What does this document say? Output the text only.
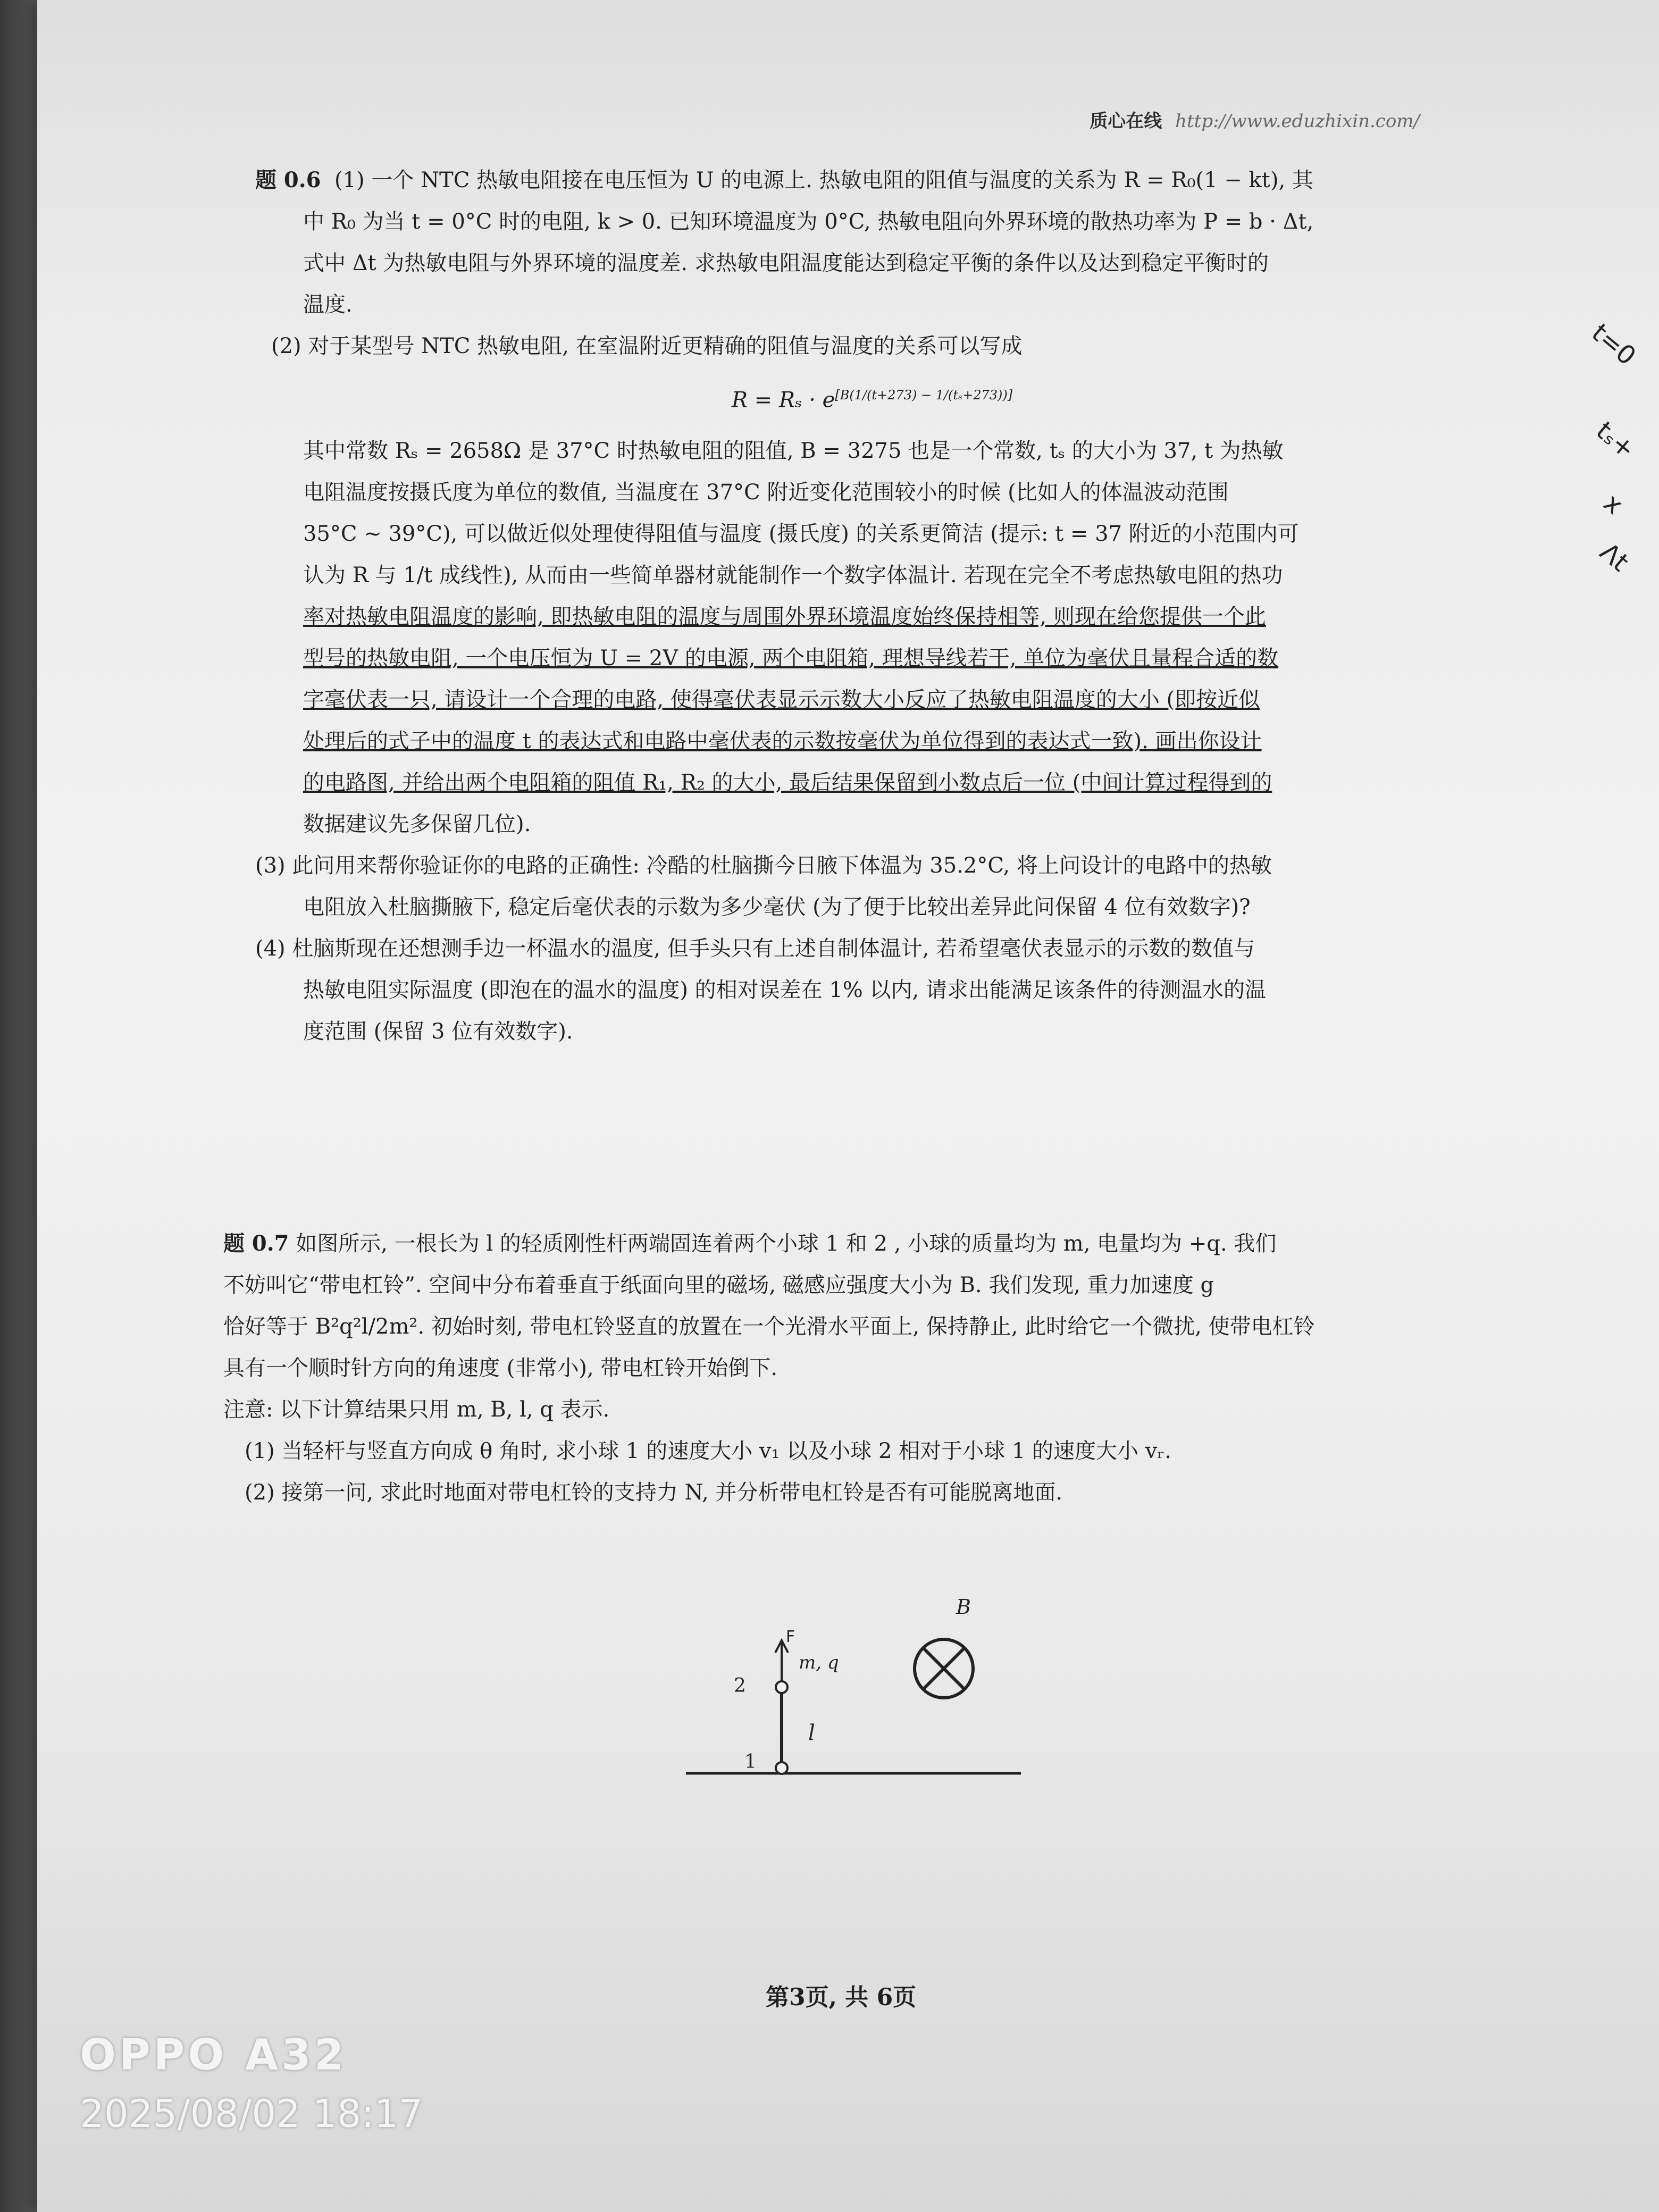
t=0
tₛ+
x
Λt
质心在线 http://www.eduzhixin.com/

题 0.6 (1) 一个 NTC 热敏电阻接在电压恒为 U 的电源上. 热敏电阻的阻值与温度的关系为 R = R₀(1 − kt), 其

中 R₀ 为当 t = 0°C 时的电阻, k > 0. 已知环境温度为 0°C, 热敏电阻向外界环境的散热功率为 P = b · Δt,

式中 Δt 为热敏电阻与外界环境的温度差. 求热敏电阻温度能达到稳定平衡的条件以及达到稳定平衡时的

温度.

(2) 对于某型号 NTC 热敏电阻, 在室温附近更精确的阻值与温度的关系可以写成

R = Rₛ · e[B(1/(t+273) − 1/(tₛ+273))]

其中常数 Rₛ = 2658Ω 是 37°C 时热敏电阻的阻值, B = 3275 也是一个常数, tₛ 的大小为 37, t 为热敏

电阻温度按摄氏度为单位的数值, 当温度在 37°C 附近变化范围较小的时候 (比如人的体温波动范围

35°C ~ 39°C), 可以做近似处理使得阻值与温度 (摄氏度) 的关系更简洁 (提示: t = 37 附近的小范围内可

认为 R 与 1/t 成线性), 从而由一些简单器材就能制作一个数字体温计. 若现在完全不考虑热敏电阻的热功

率对热敏电阻温度的影响, 即热敏电阻的温度与周围外界环境温度始终保持相等, 则现在给您提供一个此

型号的热敏电阻, 一个电压恒为 U = 2V 的电源, 两个电阻箱, 理想导线若干, 单位为毫伏且量程合适的数

字毫伏表一只, 请设计一个合理的电路, 使得毫伏表显示示数大小反应了热敏电阻温度的大小 (即按近似

处理后的式子中的温度 t 的表达式和电路中毫伏表的示数按毫伏为单位得到的表达式一致). 画出你设计

的电路图, 并给出两个电阻箱的阻值 R₁, R₂ 的大小, 最后结果保留到小数点后一位 (中间计算过程得到的

数据建议先多保留几位).

(3) 此问用来帮你验证你的电路的正确性: 冷酷的杜脑撕今日腋下体温为 35.2°C, 将上问设计的电路中的热敏

电阻放入杜脑撕腋下, 稳定后毫伏表的示数为多少毫伏 (为了便于比较出差异此问保留 4 位有效数字)?

(4) 杜脑斯现在还想测手边一杯温水的温度, 但手头只有上述自制体温计, 若希望毫伏表显示的示数的数值与

热敏电阻实际温度 (即泡在的温水的温度) 的相对误差在 1% 以内, 请求出能满足该条件的待测温水的温

度范围 (保留 3 位有效数字).

题 0.7 如图所示, 一根长为 l 的轻质刚性杆两端固连着两个小球 1 和 2 , 小球的质量均为 m, 电量均为 +q. 我们

不妨叫它“带电杠铃”. 空间中分布着垂直于纸面向里的磁场, 磁感应强度大小为 B. 我们发现, 重力加速度 g

恰好等于 B²q²l/2m². 初始时刻, 带电杠铃竖直的放置在一个光滑水平面上, 保持静止, 此时给它一个微扰, 使带电杠铃

具有一个顺时针方向的角速度 (非常小), 带电杠铃开始倒下.

注意: 以下计算结果只用 m, B, l, q 表示.

(1) 当轻杆与竖直方向成 θ 角时, 求小球 1 的速度大小 v₁ 以及小球 2 相对于小球 1 的速度大小 vᵣ.

(2) 接第一问, 求此时地面对带电杠铃的支持力 N, 并分析带电杠铃是否有可能脱离地面.

1
2
l
F
m, q
B
第3页, 共 6页
OPPO A32
2025/08/02 18:17
